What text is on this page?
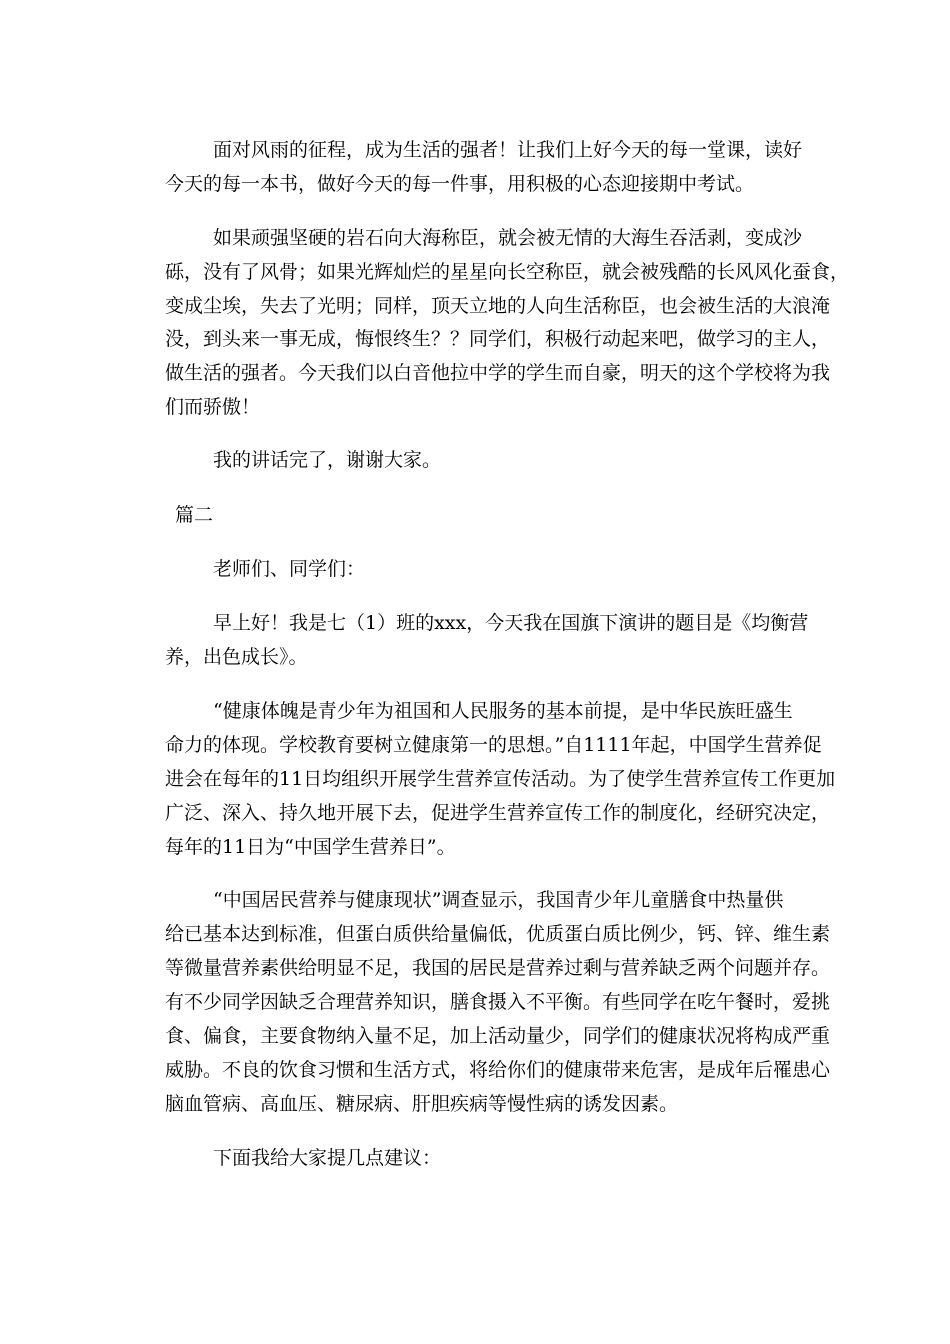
面对风雨的征程，成为生活的强者！让我们上好今天的每一堂课，读好
今天的每一本书，做好今天的每一件事，用积极的心态迎接期中考试。
如果顽强坚硬的岩石向大海称臣，就会被无情的大海生吞活剥，变成沙
砾，没有了风骨；如果光辉灿烂的星星向长空称臣，就会被残酷的长风风化蚕食，
变成尘埃，失去了光明；同样，顶天立地的人向生活称臣，也会被生活的大浪淹
没，到头来一事无成，悔恨终生？？同学们，积极行动起来吧，做学习的主人，
做生活的强者。今天我们以白音他拉中学的学生而自豪，明天的这个学校将为我
们而骄傲！
我的讲话完了，谢谢大家。
篇二
老师们、同学们：
早上好！我是七（1）班的xxx，今天我在国旗下演讲的题目是《均衡营
养，出色成长》。
“健康体魄是青少年为祖国和人民服务的基本前提，是中华民族旺盛生
命力的体现。学校教育要树立健康第一的思想。”自1111年起，中国学生营养促
进会在每年的11日均组织开展学生营养宣传活动。为了使学生营养宣传工作更加
广泛、深入、持久地开展下去，促进学生营养宣传工作的制度化，经研究决定，
每年的11日为“中国学生营养日”。
“中国居民营养与健康现状”调查显示，我国青少年儿童膳食中热量供
给已基本达到标准，但蛋白质供给量偏低，优质蛋白质比例少，钙、锌、维生素
等微量营养素供给明显不足，我国的居民是营养过剩与营养缺乏两个问题并存。
有不少同学因缺乏合理营养知识，膳食摄入不平衡。有些同学在吃午餐时，爱挑
食、偏食，主要食物纳入量不足，加上活动量少，同学们的健康状况将构成严重
威胁。不良的饮食习惯和生活方式，将给你们的健康带来危害，是成年后罹患心
脑血管病、高血压、糖尿病、肝胆疾病等慢性病的诱发因素。
下面我给大家提几点建议：
